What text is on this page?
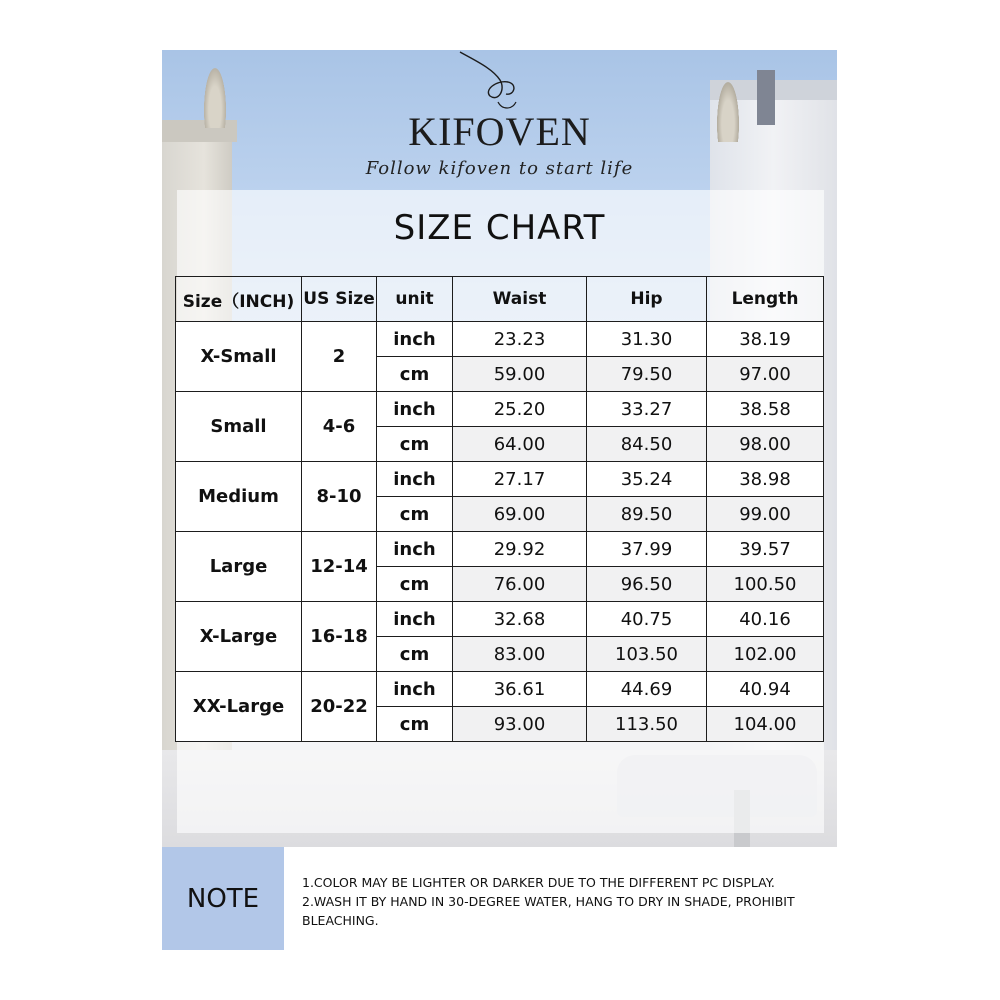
KIFOVEN
Follow kifoven to start life
SIZE CHART
Size（INCH)	US Size	unit	Waist	Hip	Length
X-Small	2	inch	23.23	31.30	38.19
		cm	59.00	79.50	97.00
Small	4-6	inch	25.20	33.27	38.58
		cm	64.00	84.50	98.00
Medium	8-10	inch	27.17	35.24	38.98
		cm	69.00	89.50	99.00
Large	12-14	inch	29.92	37.99	39.57
		cm	76.00	96.50	100.50
X-Large	16-18	inch	32.68	40.75	40.16
		cm	83.00	103.50	102.00
XX-Large	20-22	inch	36.61	44.69	40.94
		cm	93.00	113.50	104.00
NOTE
1.COLOR MAY BE LIGHTER OR DARKER DUE TO THE DIFFERENT PC DISPLAY.
2.WASH IT BY HAND IN 30-DEGREE WATER, HANG TO DRY IN SHADE, PROHIBIT
BLEACHING.
